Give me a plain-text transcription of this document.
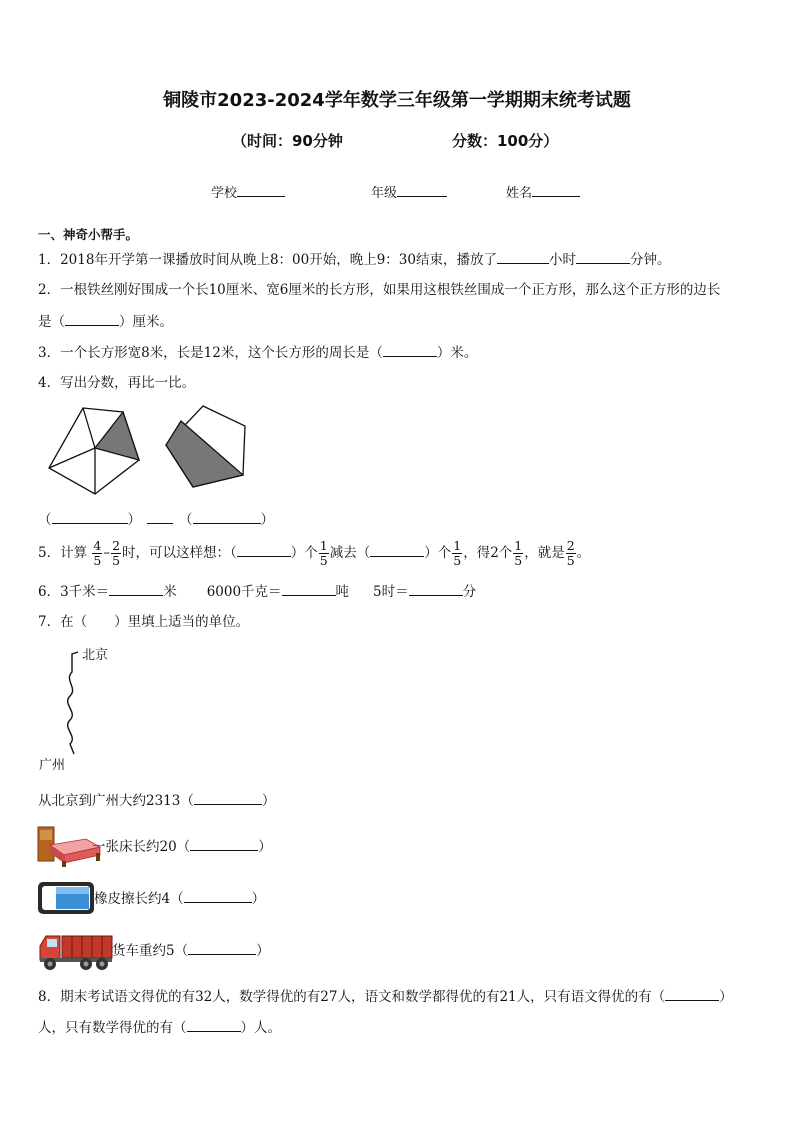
铜陵市2023-2024学年数学三年级第一学期期末统考试题
（时间：90分钟	分数：100分）
学校	年级	姓名
一、神奇小帮手。
1．2018年开学第一课播放时间从晚上8：00开始，晚上9：30结束，播放了	小时	分钟。
2．一根铁丝刚好围成一个长10厘米、宽6厘米的长方形，如果用这根铁丝围成一个正方形，那么这个正方形的边长
是（	）厘米。
3．一个长方形宽8米，长是12米，这个长方形的周长是（	）米。
4．写出分数，再比一比。
（	）	（	）
5．计算 $\frac{4}{5} - \frac{2}{5}$ 时，可以这样想：（	）个 $\frac{1}{5}$ 减去（	）个 $\frac{1}{5}$ ，得2个 $\frac{1}{5}$ ，就是 $\frac{2}{5}$ 。
6．3千米＝	米 6000千克＝	吨 5时＝	分
7．在（　　）里填上适当的单位。
北京
广州
从北京到广州大约2313（	）
一张床长约20（	）
橡皮擦长约4（	）
货车重约5（	）
8．期末考试语文得优的有32人，数学得优的有27人，语文和数学都得优的有21人，只有语文得优的有（	）
人，只有数学得优的有（	）人。
